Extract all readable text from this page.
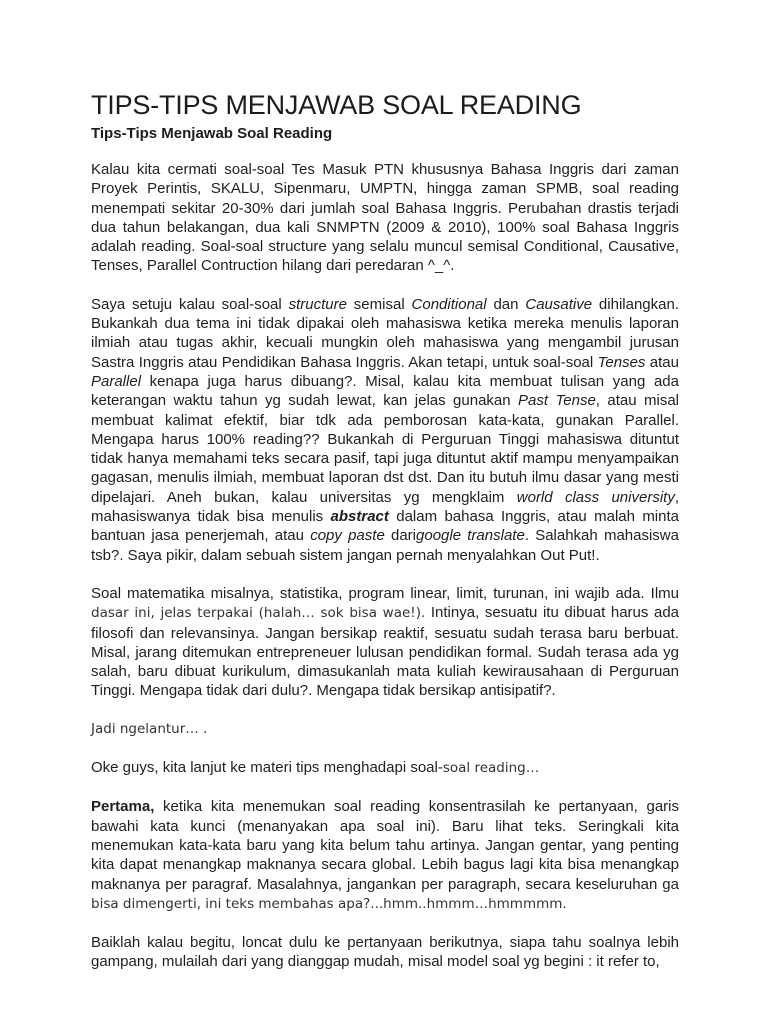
TIPS-TIPS MENJAWAB SOAL READING
Tips-Tips Menjawab Soal Reading

Kalau kita cermati soal-soal Tes Masuk PTN khususnya Bahasa Inggris dari zaman Proyek Perintis, SKALU, Sipenmaru, UMPTN, hingga zaman SPMB, soal reading menempati sekitar 20-30% dari jumlah soal Bahasa Inggris. Perubahan drastis terjadi dua tahun belakangan, dua kali SNMPTN (2009 & 2010), 100% soal Bahasa Inggris adalah reading. Soal-soal structure yang selalu muncul semisal Conditional, Causative, Tenses, Parallel Contruction hilang dari peredaran ^_^.

Saya setuju kalau soal-soal structure semisal Conditional dan Causative dihilangkan. Bukankah dua tema ini tidak dipakai oleh mahasiswa ketika mereka menulis laporan ilmiah atau tugas akhir, kecuali mungkin oleh mahasiswa yang mengambil jurusan Sastra Inggris atau Pendidikan Bahasa Inggris. Akan tetapi, untuk soal-soal Tenses atau Parallel kenapa juga harus dibuang?. Misal, kalau kita membuat tulisan yang ada keterangan waktu tahun yg sudah lewat, kan jelas gunakan Past Tense, atau misal membuat kalimat efektif, biar tdk ada pemborosan kata-kata, gunakan Parallel. Mengapa harus 100% reading?? Bukankah di Perguruan Tinggi mahasiswa dituntut tidak hanya memahami teks secara pasif, tapi juga dituntut aktif mampu menyampaikan gagasan, menulis ilmiah, membuat laporan dst dst. Dan itu butuh ilmu dasar yang mesti dipelajari. Aneh bukan, kalau universitas yg mengklaim world class university, mahasiswanya tidak bisa menulis abstract dalam bahasa Inggris, atau malah minta bantuan jasa penerjemah, atau copy paste darigoogle translate. Salahkah mahasiswa tsb?. Saya pikir, dalam sebuah sistem jangan pernah menyalahkan Out Put!.

Soal matematika misalnya, statistika, program linear, limit, turunan, ini wajib ada. Ilmu dasar ini, jelas terpakai (halah… sok bisa wae!). Intinya, sesuatu itu dibuat harus ada filosofi dan relevansinya. Jangan bersikap reaktif, sesuatu sudah terasa baru berbuat. Misal, jarang ditemukan entrepreneuer lulusan pendidikan formal. Sudah terasa ada yg salah, baru dibuat kurikulum, dimasukanlah mata kuliah kewirausahaan di Perguruan Tinggi. Mengapa tidak dari dulu?. Mengapa tidak bersikap antisipatif?.

Jadi ngelantur… .

Oke guys, kita lanjut ke materi tips menghadapi soal-soal reading…

Pertama, ketika kita menemukan soal reading konsentrasilah ke pertanyaan, garis bawahi kata kunci (menanyakan apa soal ini). Baru lihat teks. Seringkali kita menemukan kata-kata baru yang kita belum tahu artinya. Jangan gentar, yang penting kita dapat menangkap maknanya secara global. Lebih bagus lagi kita bisa menangkap maknanya per paragraf. Masalahnya, jangankan per paragraph, secara keseluruhan ga bisa dimengerti, ini teks membahas apa?...hmm..hmmm…hmmmmm.

Baiklah kalau begitu, loncat dulu ke pertanyaan berikutnya, siapa tahu soalnya lebih gampang, mulailah dari yang dianggap mudah, misal model soal yg begini : it refer to,
